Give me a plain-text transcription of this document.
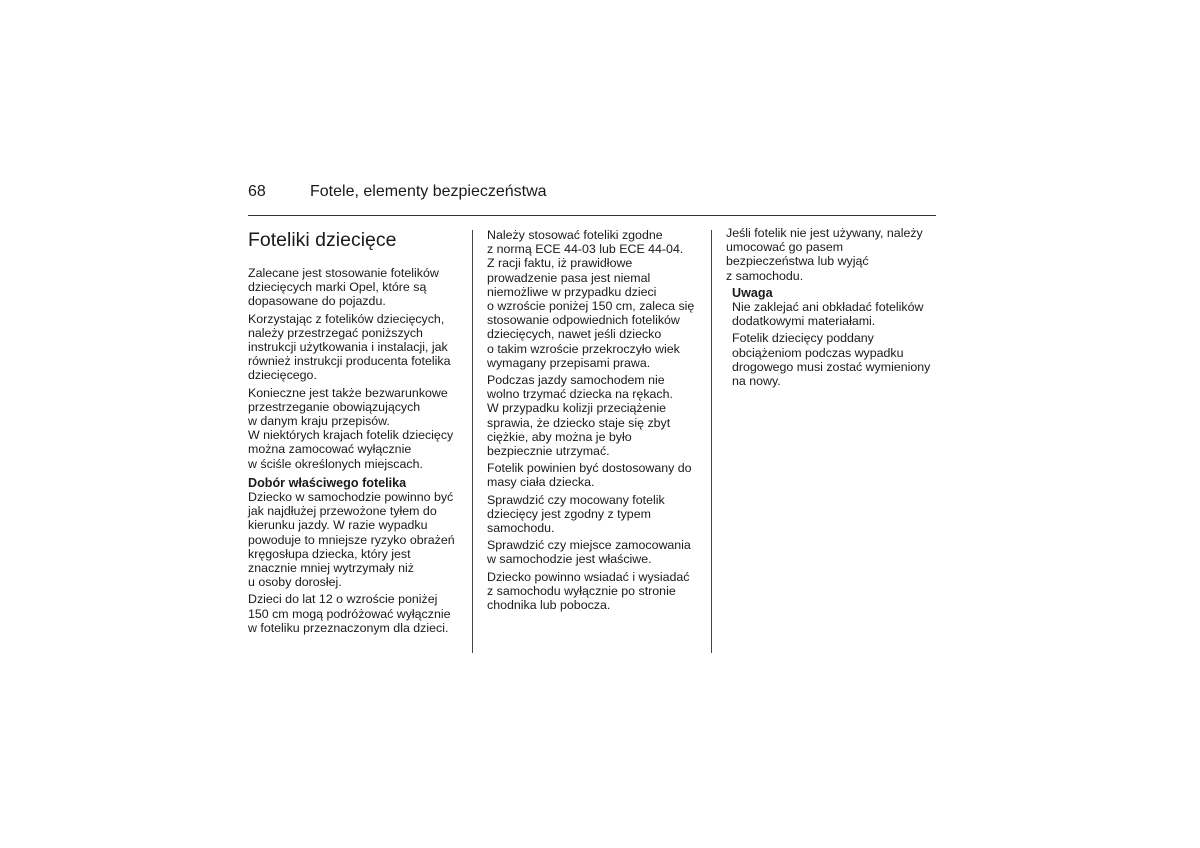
68	Fotele, elementy bezpieczeństwa
Foteliki dziecięce

Zalecane jest stosowanie fotelików
dziecięcych marki Opel, które są
dopasowane do pojazdu.

Korzystając z fotelików dziecięcych,
należy przestrzegać poniższych
instrukcji użytkowania i instalacji, jak
również instrukcji producenta fotelika
dziecięcego.

Konieczne jest także bezwarunkowe
przestrzeganie obowiązujących
w danym kraju przepisów.
W niektórych krajach fotelik dziecięcy
można zamocować wyłącznie
w ściśle określonych miejscach.

Dobór właściwego fotelika

Dziecko w samochodzie powinno być
jak najdłużej przewożone tyłem do
kierunku jazdy. W razie wypadku
powoduje to mniejsze ryzyko obrażeń
kręgosłupa dziecka, który jest
znacznie mniej wytrzymały niż
u osoby dorosłej.

Dzieci do lat 12 o wzroście poniżej
150 cm mogą podróżować wyłącznie
w foteliku przeznaczonym dla dzieci.

Należy stosować foteliki zgodne
z normą ECE 44-03 lub ECE 44-04.
Z racji faktu, iż prawidłowe
prowadzenie pasa jest niemal
niemożliwe w przypadku dzieci
o wzroście poniżej 150 cm, zaleca się
stosowanie odpowiednich fotelików
dziecięcych, nawet jeśli dziecko
o takim wzroście przekroczyło wiek
wymagany przepisami prawa.

Podczas jazdy samochodem nie
wolno trzymać dziecka na rękach.
W przypadku kolizji przeciążenie
sprawia, że dziecko staje się zbyt
ciężkie, aby można je było
bezpiecznie utrzymać.

Fotelik powinien być dostosowany do
masy ciała dziecka.

Sprawdzić czy mocowany fotelik
dziecięcy jest zgodny z typem
samochodu.

Sprawdzić czy miejsce zamocowania
w samochodzie jest właściwe.

Dziecko powinno wsiadać i wysiadać
z samochodu wyłącznie po stronie
chodnika lub pobocza.

Jeśli fotelik nie jest używany, należy
umocować go pasem
bezpieczeństwa lub wyjąć
z samochodu.

Uwaga

Nie zaklejać ani obkładać fotelików
dodatkowymi materiałami.

Fotelik dziecięcy poddany
obciążeniom podczas wypadku
drogowego musi zostać wymieniony
na nowy.
